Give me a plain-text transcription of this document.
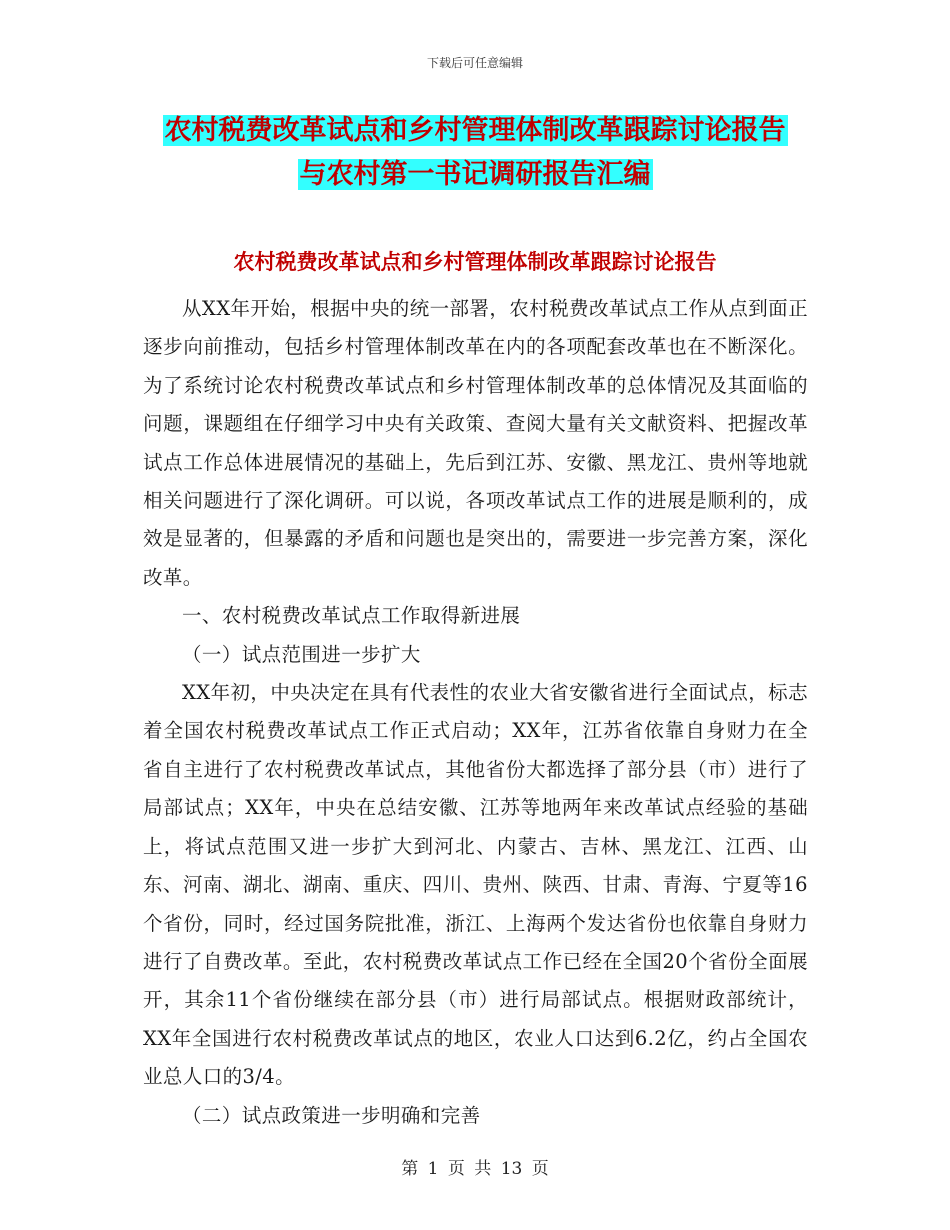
下载后可任意编辑
农村税费改革试点和乡村管理体制改革跟踪讨论报告
与农村第一书记调研报告汇编
农村税费改革试点和乡村管理体制改革跟踪讨论报告

从XX年开始，根据中央的统一部署，农村税费改革试点工作从点到面正逐步向前推动，包括乡村管理体制改革在内的各项配套改革也在不断深化。为了系统讨论农村税费改革试点和乡村管理体制改革的总体情况及其面临的问题，课题组在仔细学习中央有关政策、查阅大量有关文献资料、把握改革试点工作总体进展情况的基础上，先后到江苏、安徽、黑龙江、贵州等地就相关问题进行了深化调研。可以说，各项改革试点工作的进展是顺利的，成效是显著的，但暴露的矛盾和问题也是突出的，需要进一步完善方案，深化改革。

一、农村税费改革试点工作取得新进展

（一）试点范围进一步扩大

XX年初，中央决定在具有代表性的农业大省安徽省进行全面试点，标志着全国农村税费改革试点工作正式启动；XX年，江苏省依靠自身财力在全省自主进行了农村税费改革试点，其他省份大都选择了部分县（市）进行了局部试点；XX年，中央在总结安徽、江苏等地两年来改革试点经验的基础上，将试点范围又进一步扩大到河北、内蒙古、吉林、黑龙江、江西、山东、河南、湖北、湖南、重庆、四川、贵州、陕西、甘肃、青海、宁夏等16个省份，同时，经过国务院批准，浙江、上海两个发达省份也依靠自身财力进行了自费改革。至此，农村税费改革试点工作已经在全国20个省份全面展开，其余11个省份继续在部分县（市）进行局部试点。根据财政部统计，XX年全国进行农村税费改革试点的地区，农业人口达到6.2亿，约占全国农业总人口的3/4。

（二）试点政策进一步明确和完善

第 1 页 共 13 页
